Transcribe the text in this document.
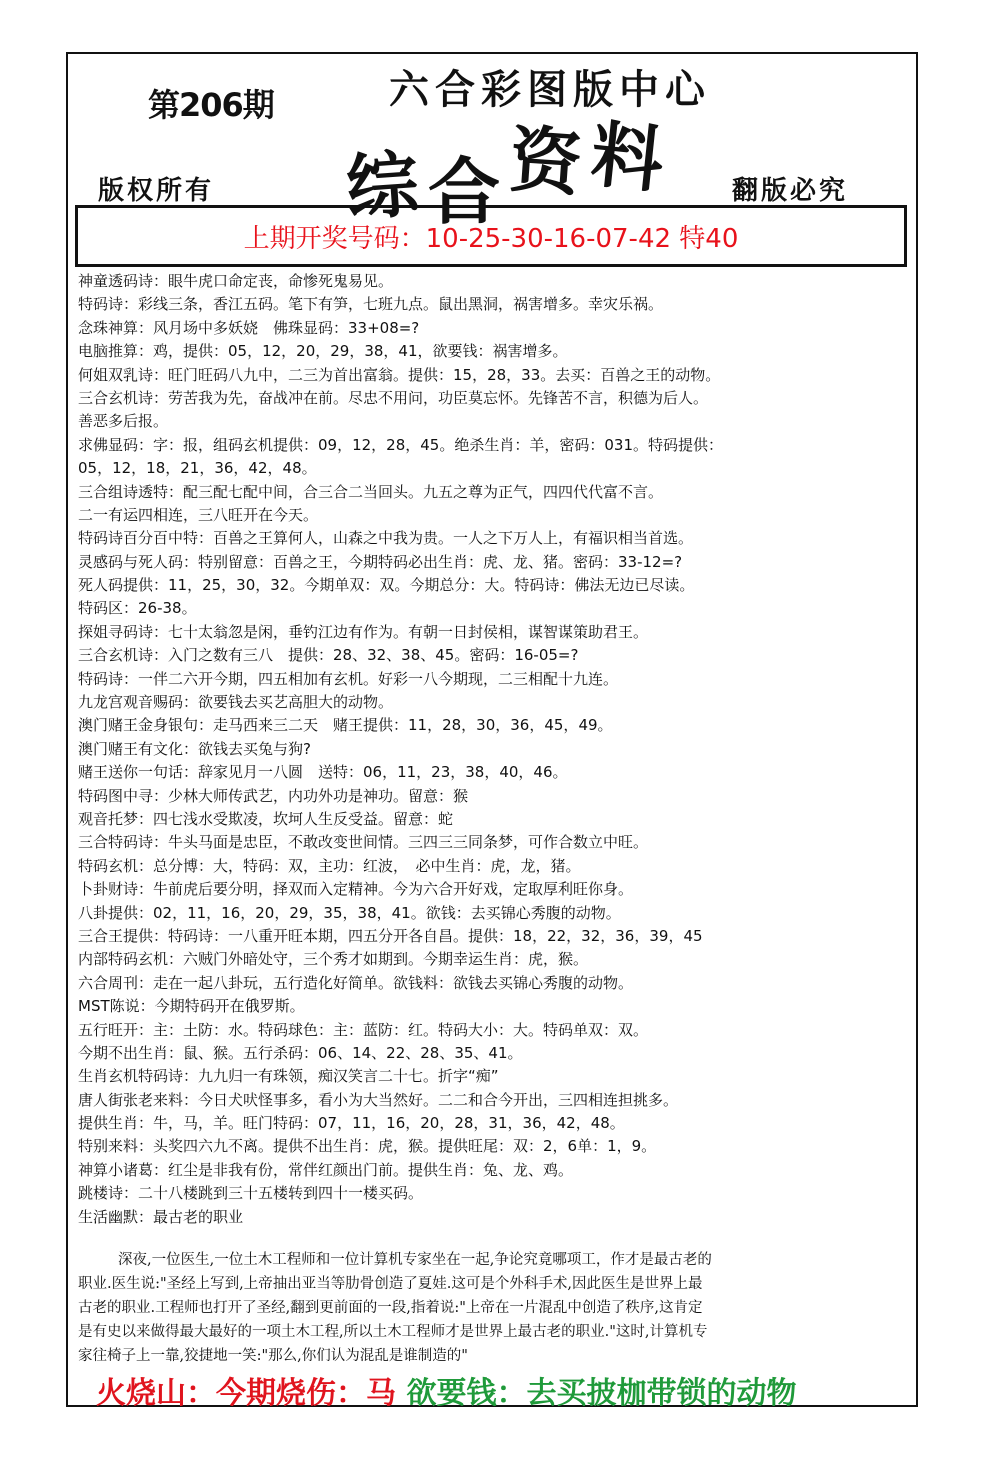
第206期	六合彩图版中心
综合资料
版权所有	翻版必究
上期开奖号码：10-25-30-16-07-42 特40
神童透码诗：眼牛虎口命定丧，命惨死鬼易见。
特码诗：彩线三条，香江五码。笔下有笋，七班九点。鼠出黑洞，祸害增多。幸灾乐祸。
念珠神算：风月场中多妖娆　佛珠显码：33+08=?
电脑推算：鸡，提供：05，12，20，29，38，41，欲要钱：祸害增多。
何姐双乳诗：旺门旺码八九中，二三为首出富翁。提供：15，28，33。去买：百兽之王的动物。
三合玄机诗：劳苦我为先，奋战冲在前。尽忠不用问，功臣莫忘怀。先锋苦不言，积德为后人。
善恶多后报。
求佛显码：字：报，组码玄机提供：09，12，28，45。绝杀生肖：羊，密码：031。特码提供：
05，12，18，21，36，42，48。
三合组诗透特：配三配七配中间，合三合二当回头。九五之尊为正气，四四代代富不言。
二一有运四相连，三八旺开在今天。
特码诗百分百中特：百兽之王算何人，山森之中我为贵。一人之下万人上，有福识相当首选。
灵感码与死人码：特别留意：百兽之王，今期特码必出生肖：虎、龙、猪。密码：33-12=?
死人码提供：11，25，30，32。今期单双：双。今期总分：大。特码诗：佛法无边已尽读。
特码区：26-38。
探姐寻码诗：七十太翁忽是闲，垂钓江边有作为。有朝一日封侯相，谋智谋策助君王。
三合玄机诗：入门之数有三八　提供：28、32、38、45。密码：16-05=?
特码诗：一伴二六开今期，四五相加有玄机。好彩一八今期现，二三相配十九连。
九龙宫观音赐码：欲要钱去买艺高胆大的动物。
澳门赌王金身银句：走马西来三二天　赌王提供：11，28，30，36，45，49。
澳门赌王有文化：欲钱去买兔与狗?
赌王送你一句话：辞家见月一八圆　送特：06，11，23，38，40，46。
特码图中寻：少林大师传武艺，内功外功是神功。留意：猴
观音托梦：四七浅水受欺凌，坎坷人生反受益。留意：蛇
三合特码诗：牛头马面是忠臣，不敢改变世间情。三四三三同条梦，可作合数立中旺。
特码玄机：总分博：大，特码：双，主功：红波，　必中生肖：虎，龙，猪。
卜卦财诗：牛前虎后要分明，择双而入定精神。今为六合开好戏，定取厚利旺你身。
八卦提供：02，11，16，20，29，35，38，41。欲钱：去买锦心秀腹的动物。
三合王提供：特码诗：一八重开旺本期，四五分开各自昌。提供：18，22，32，36，39，45
内部特码玄机：六贼门外暗处守，三个秀才如期到。今期幸运生肖：虎，猴。
六合周刊：走在一起八卦玩，五行造化好简单。欲钱料：欲钱去买锦心秀腹的动物。
MST陈说：今期特码开在俄罗斯。
五行旺开：主：土防：水。特码球色：主：蓝防：红。特码大小：大。特码单双：双。
今期不出生肖：鼠、猴。五行杀码：06、14、22、28、35、41。
生肖玄机特码诗：九九归一有珠领，痴汉笑言二十七。折字“痴”
唐人街张老来料：今日犬吠怪事多，看小为大当然好。二二和合今开出，三四相连担挑多。
提供生肖：牛，马，羊。旺门特码：07，11，16，20，28，31，36，42，48。
特别来料：头奖四六九不离。提供不出生肖：虎，猴。提供旺尾：双：2，6单：1，9。
神算小诸葛：红尘是非我有份，常伴红颜出门前。提供生肖：兔、龙、鸡。
跳楼诗：二十八楼跳到三十五楼转到四十一楼买码。
生活幽默：最古老的职业
深夜,一位医生,一位土木工程师和一位计算机专家坐在一起,争论究竟哪项工，作才是最古老的
职业.医生说:"圣经上写到,上帝抽出亚当等肋骨创造了夏娃.这可是个外科手术,因此医生是世界上最
古老的职业.工程师也打开了圣经,翻到更前面的一段,指着说:"上帝在一片混乱中创造了秩序,这肯定
是有史以来做得最大最好的一项土木工程,所以土木工程师才是世界上最古老的职业."这时,计算机专
家往椅子上一靠,狡捷地一笑:"那么,你们认为混乱是谁制造的"
火烧山：今期烧伤：马 欲要钱：去买披枷带锁的动物
